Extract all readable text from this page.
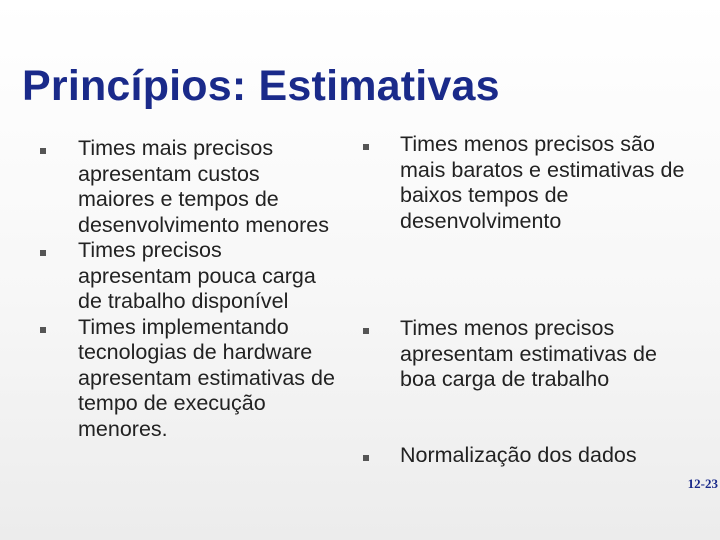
Princípios: Estimativas
Times mais precisos apresentam custos maiores e tempos de desenvolvimento menores
Times precisos apresentam pouca carga de trabalho disponível
Times implementando tecnologias de hardware apresentam estimativas de tempo de execução menores.
Times menos precisos são mais baratos e estimativas de baixos tempos de desenvolvimento
Times menos precisos apresentam estimativas de boa carga de trabalho
Normalização dos dados
12-23
